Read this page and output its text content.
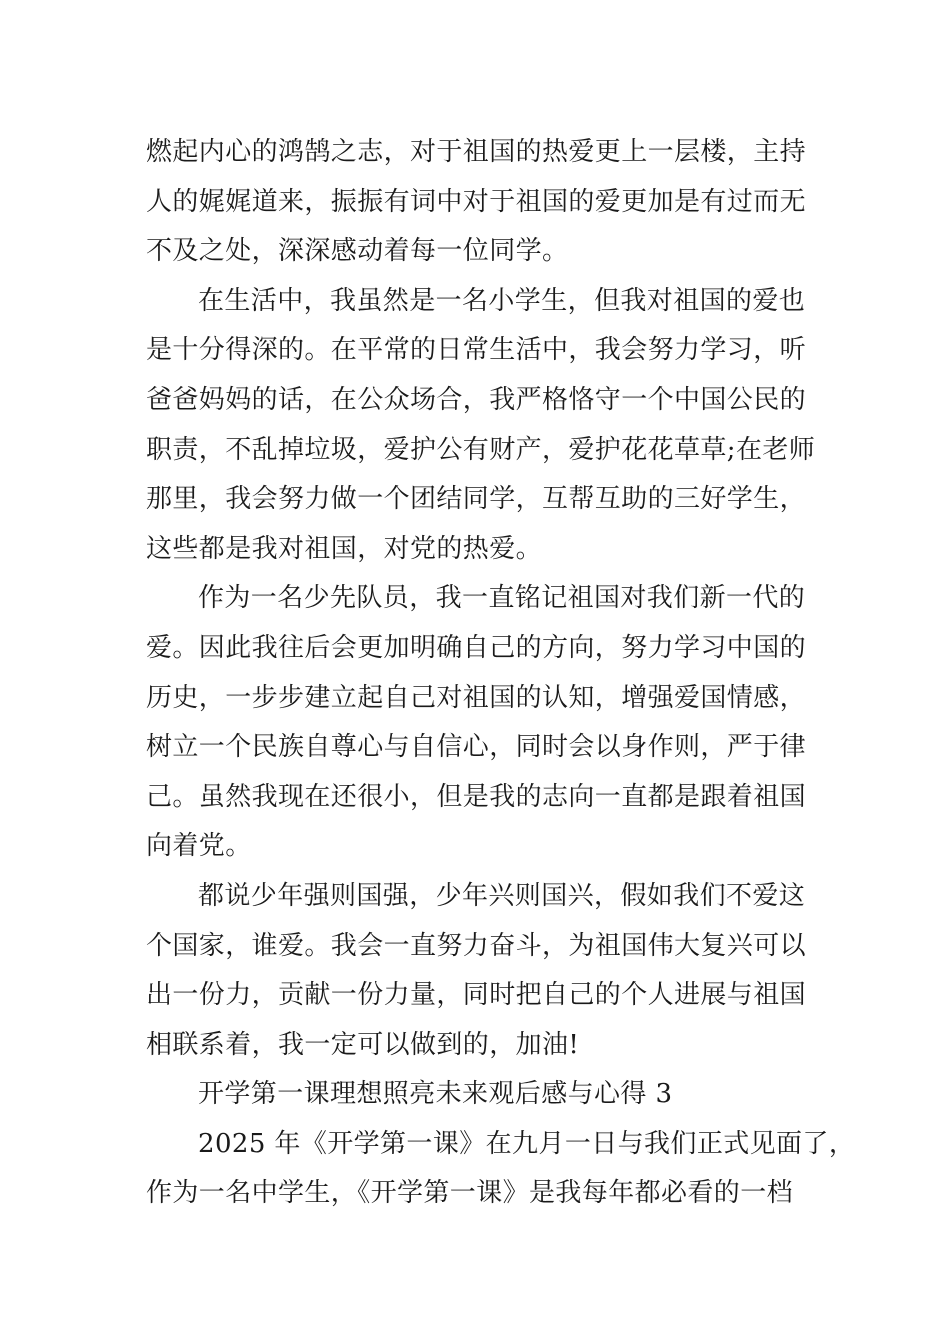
燃起内心的鸿鹄之志，对于祖国的热爱更上一层楼，主持
人的娓娓道来，振振有词中对于祖国的爱更加是有过而无
不及之处，深深感动着每一位同学。
在生活中，我虽然是一名小学生，但我对祖国的爱也
是十分得深的。在平常的日常生活中，我会努力学习，听
爸爸妈妈的话，在公众场合，我严格恪守一个中国公民的
职责，不乱掉垃圾，爱护公有财产，爱护花花草草;在老师
那里，我会努力做一个团结同学，互帮互助的三好学生，
这些都是我对祖国，对党的热爱。
作为一名少先队员，我一直铭记祖国对我们新一代的
爱。因此我往后会更加明确自己的方向，努力学习中国的
历史，一步步建立起自己对祖国的认知，增强爱国情感，
树立一个民族自尊心与自信心，同时会以身作则，严于律
己。虽然我现在还很小，但是我的志向一直都是跟着祖国
向着党。
都说少年强则国强，少年兴则国兴，假如我们不爱这
个国家，谁爱。我会一直努力奋斗，为祖国伟大复兴可以
出一份力，贡献一份力量，同时把自己的个人进展与祖国
相联系着，我一定可以做到的，加油!
开学第一课理想照亮未来观后感与心得 3
2025 年《开学第一课》在九月一日与我们正式见面了，
作为一名中学生，《开学第一课》是我每年都必看的一档
